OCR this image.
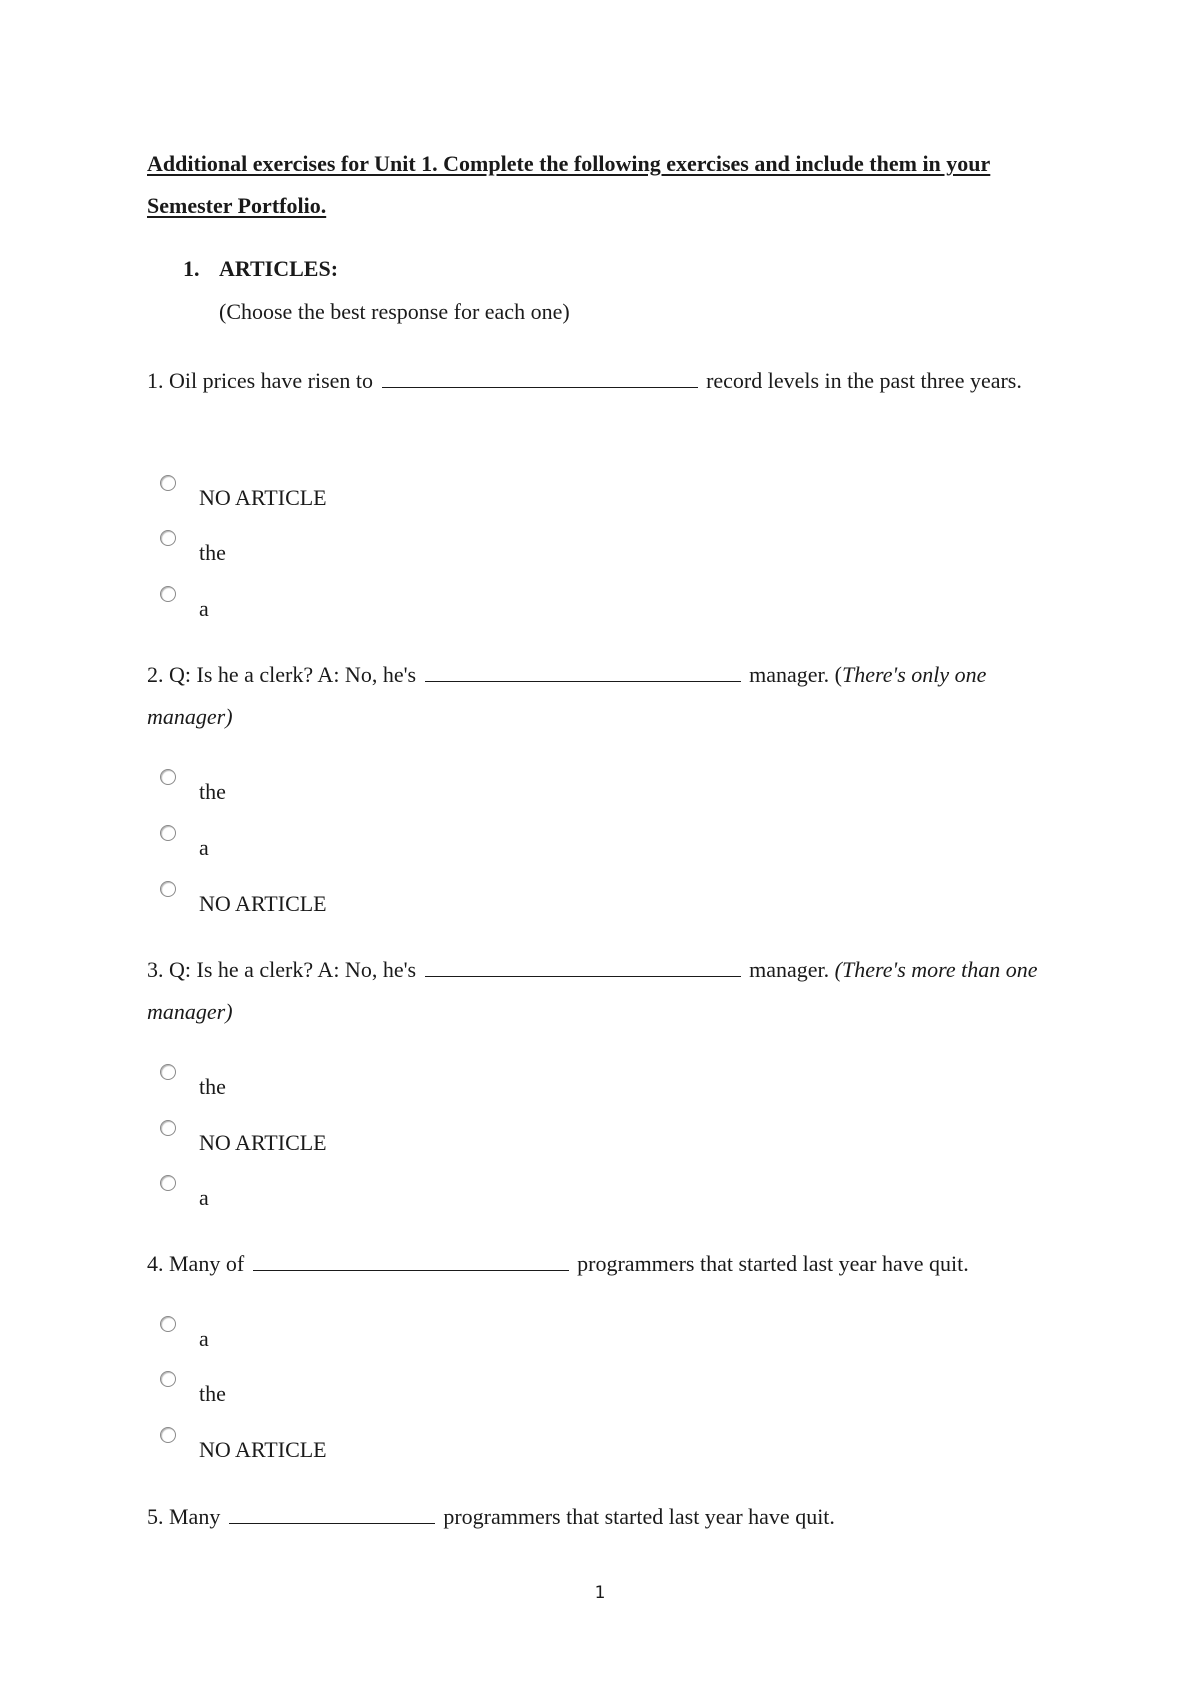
Additional exercises for Unit 1. Complete the following exercises and include them in your Semester Portfolio.
1. ARTICLES:
(Choose the best response for each one)
1. Oil prices have risen to	record levels in the past three years.
NO ARTICLE
the
a
2. Q: Is he a clerk? A: No, he's	manager. (There's only one manager)
the
a
NO ARTICLE
3. Q: Is he a clerk? A: No, he's	manager. (There's more than one manager)
the
NO ARTICLE
a
4. Many of	programmers that started last year have quit.
a
the
NO ARTICLE
5. Many	programmers that started last year have quit.
1
